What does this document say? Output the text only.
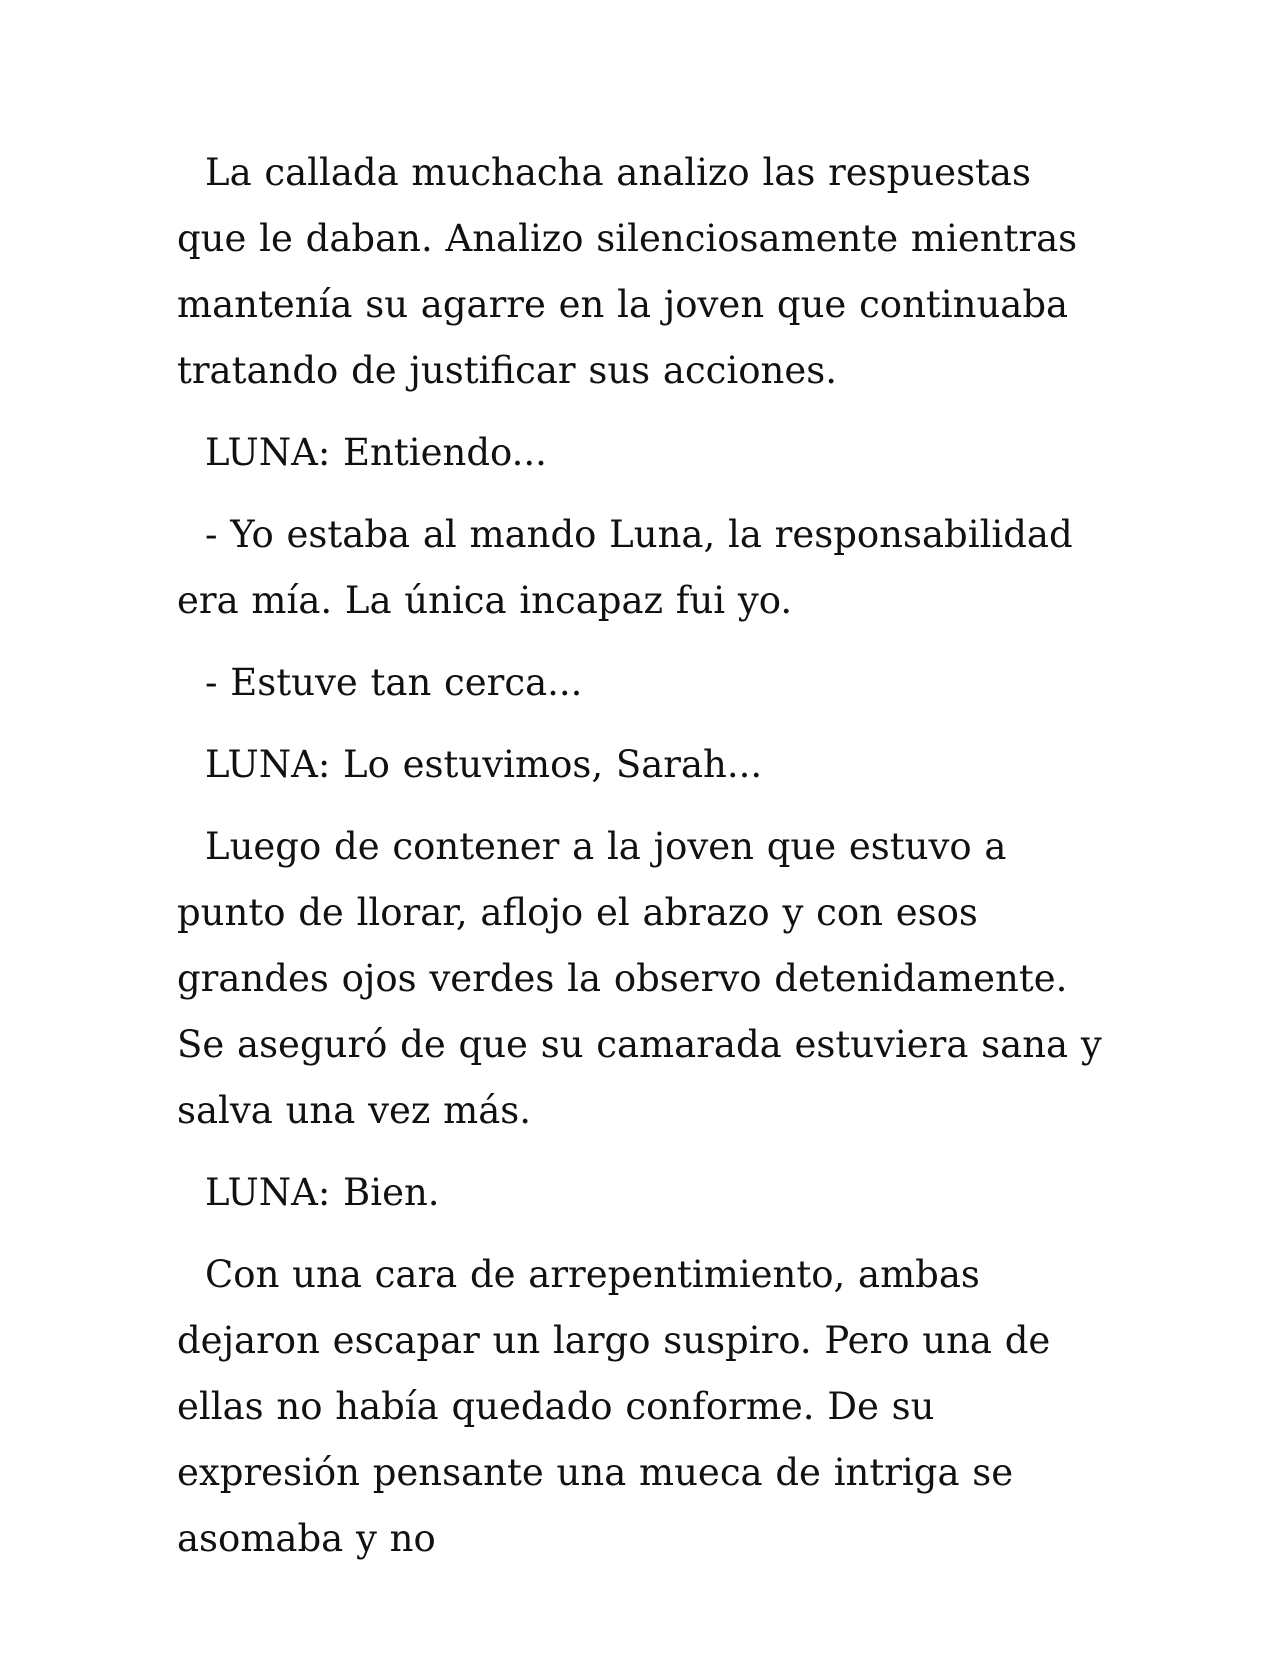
La callada muchacha analizo las respuestas que le daban. Analizo silenciosamente mientras mantenía su agarre en la joven que continuaba tratando de justificar sus acciones.

LUNA: Entiendo...

- Yo estaba al mando Luna, la responsabilidad era mía. La única incapaz fui yo.

- Estuve tan cerca...

LUNA: Lo estuvimos, Sarah...

Luego de contener a la joven que estuvo a punto de llorar, aflojo el abrazo y con esos grandes ojos verdes la observo detenidamente. Se aseguró de que su camarada estuviera sana y salva una vez más.

LUNA: Bien.

Con una cara de arrepentimiento, ambas dejaron escapar un largo suspiro. Pero una de ellas no había quedado conforme. De su expresión pensante una mueca de intriga se asomaba y no
